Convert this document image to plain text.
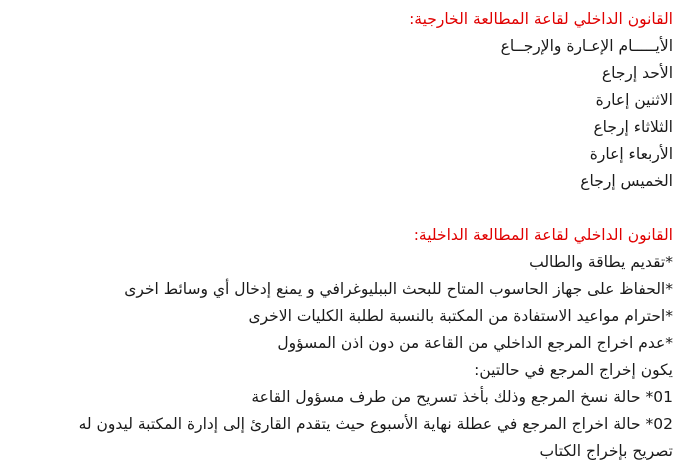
القانون الداخلي لقاعة المطالعة الخارجية:
الأيـــــام الإعـارة والإرجــاع
الأحد إرجاع
الاثنين إعارة
الثلاثاء إرجاع
الأربعاء إعارة
الخميس إرجاع
القانون الداخلي لقاعة المطالعة الداخلية:
*تقديم يطاقة والطالب
*الحفاظ على جهاز الحاسوب المتاح للبحث الببليوغرافي و يمنع إدخال أي وسائط اخرى
*احترام مواعيد الاستفادة من المكتبة بالنسبة لطلبة الكليات الاخرى
*عدم اخراج المرجع الداخلي من القاعة من دون اذن المسؤول
يكون إخراج المرجع في حالتين:
01* حالة نسخ المرجع وذلك بأخذ تسريح من طرف مسؤول القاعة
02* حالة اخراج المرجع في عطلة نهاية الأسبوع حيث يتقدم القارئ إلى إدارة المكتبة ليدون له
تصريح بإخراج الكتاب
